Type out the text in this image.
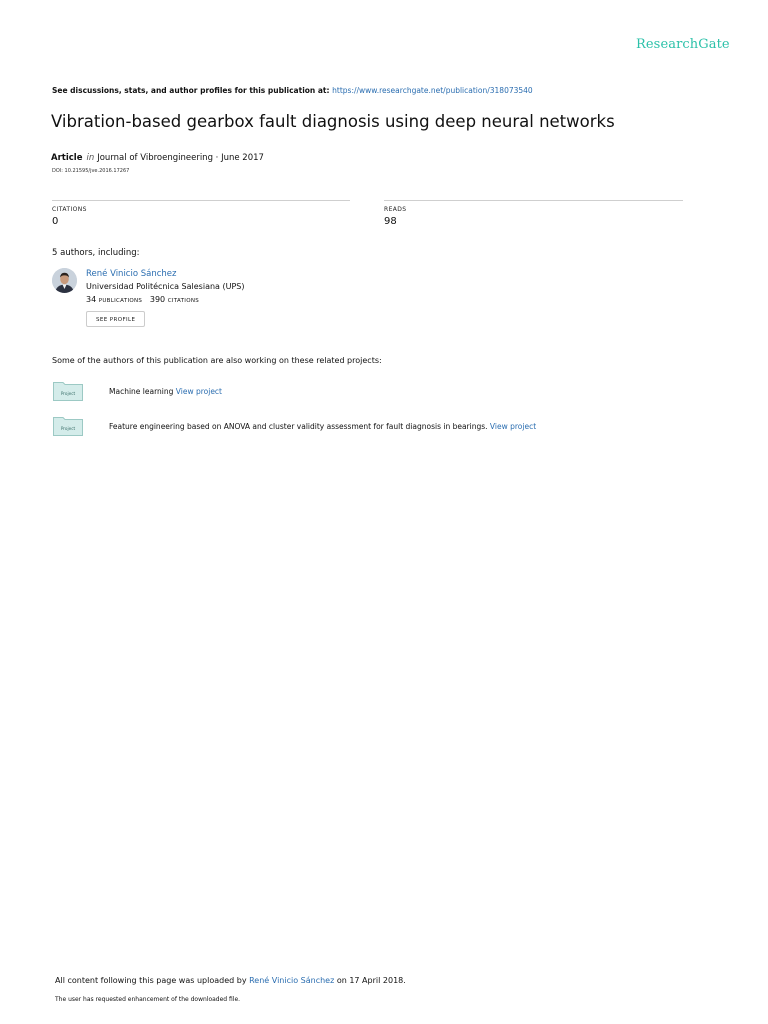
ResearchGate
See discussions, stats, and author profiles for this publication at: https://www.researchgate.net/publication/318073540
Vibration-based gearbox fault diagnosis using deep neural networks
Article in Journal of Vibroengineering · June 2017
DOI: 10.21595/jve.2016.17267
CITATIONS
0
READS
98
5 authors, including:
René Vinicio Sánchez
Universidad Politécnica Salesiana (UPS)
34 PUBLICATIONS 390 CITATIONS
SEE PROFILE
Some of the authors of this publication are also working on these related projects:
Project	Machine learning View project
Project	Feature engineering based on ANOVA and cluster validity assessment for fault diagnosis in bearings. View project
All content following this page was uploaded by René Vinicio Sánchez on 17 April 2018.
The user has requested enhancement of the downloaded file.
